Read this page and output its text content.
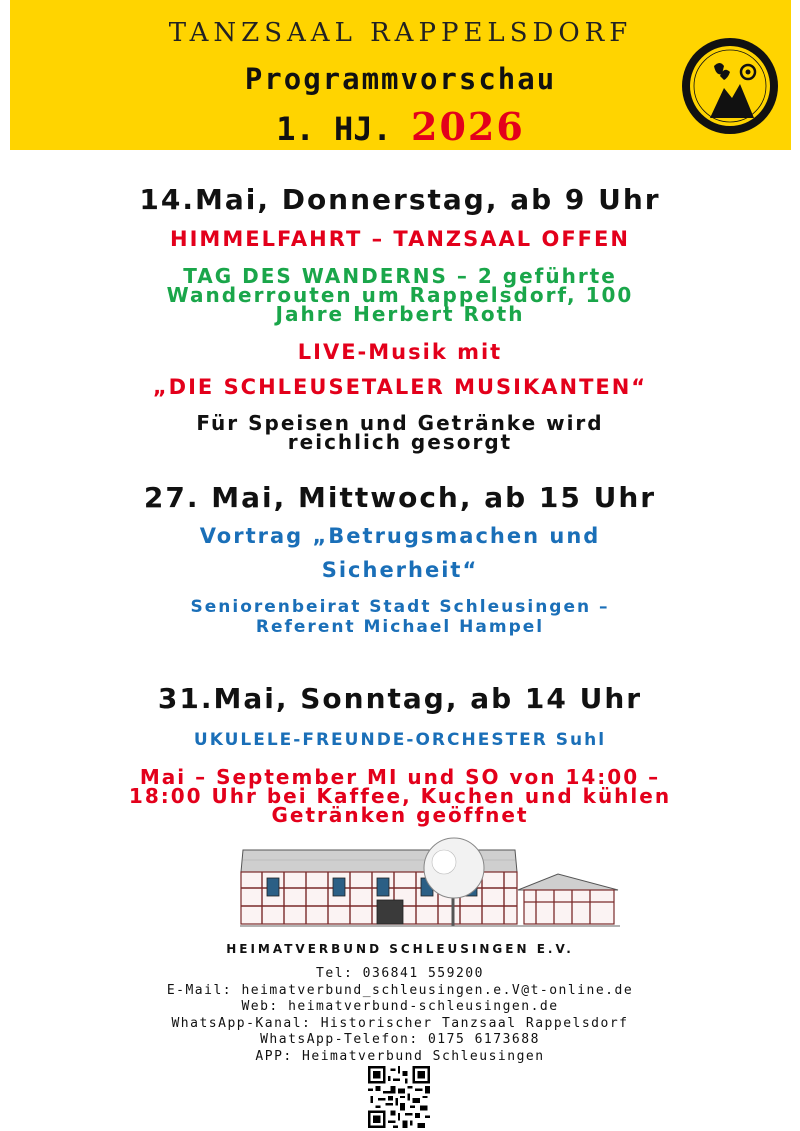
TANZSAAL RAPPELSDORF
Programmvorschau
1. HJ. 2026
14.Mai, Donnerstag, ab 9 Uhr
HIMMELFAHRT – TANZSAAL OFFEN
TAG DES WANDERNS – 2 geführte
Wanderrouten um Rappelsdorf, 100
Jahre Herbert Roth
LIVE-Musik mit
„DIE SCHLEUSETALER MUSIKANTEN“
Für Speisen und Getränke wird
reichlich gesorgt
27. Mai, Mittwoch, ab 15 Uhr
Vortrag „Betrugsmachen und
Sicherheit“
Seniorenbeirat Stadt Schleusingen –
Referent Michael Hampel
31.Mai, Sonntag, ab 14 Uhr
UKULELE-FREUNDE-ORCHESTER Suhl
Mai – September MI und SO von 14:00 –
18:00 Uhr bei Kaffee, Kuchen und kühlen
Getränken geöffnet
HEIMATVERBUND SCHLEUSINGEN E.V.
Tel: 036841 559200
E-Mail: heimatverbund_schleusingen.e.V@t-online.de
Web: heimatverbund-schleusingen.de
WhatsApp-Kanal: Historischer Tanzsaal Rappelsdorf
WhatsApp-Telefon: 0175 6173688
APP: Heimatverbund Schleusingen
